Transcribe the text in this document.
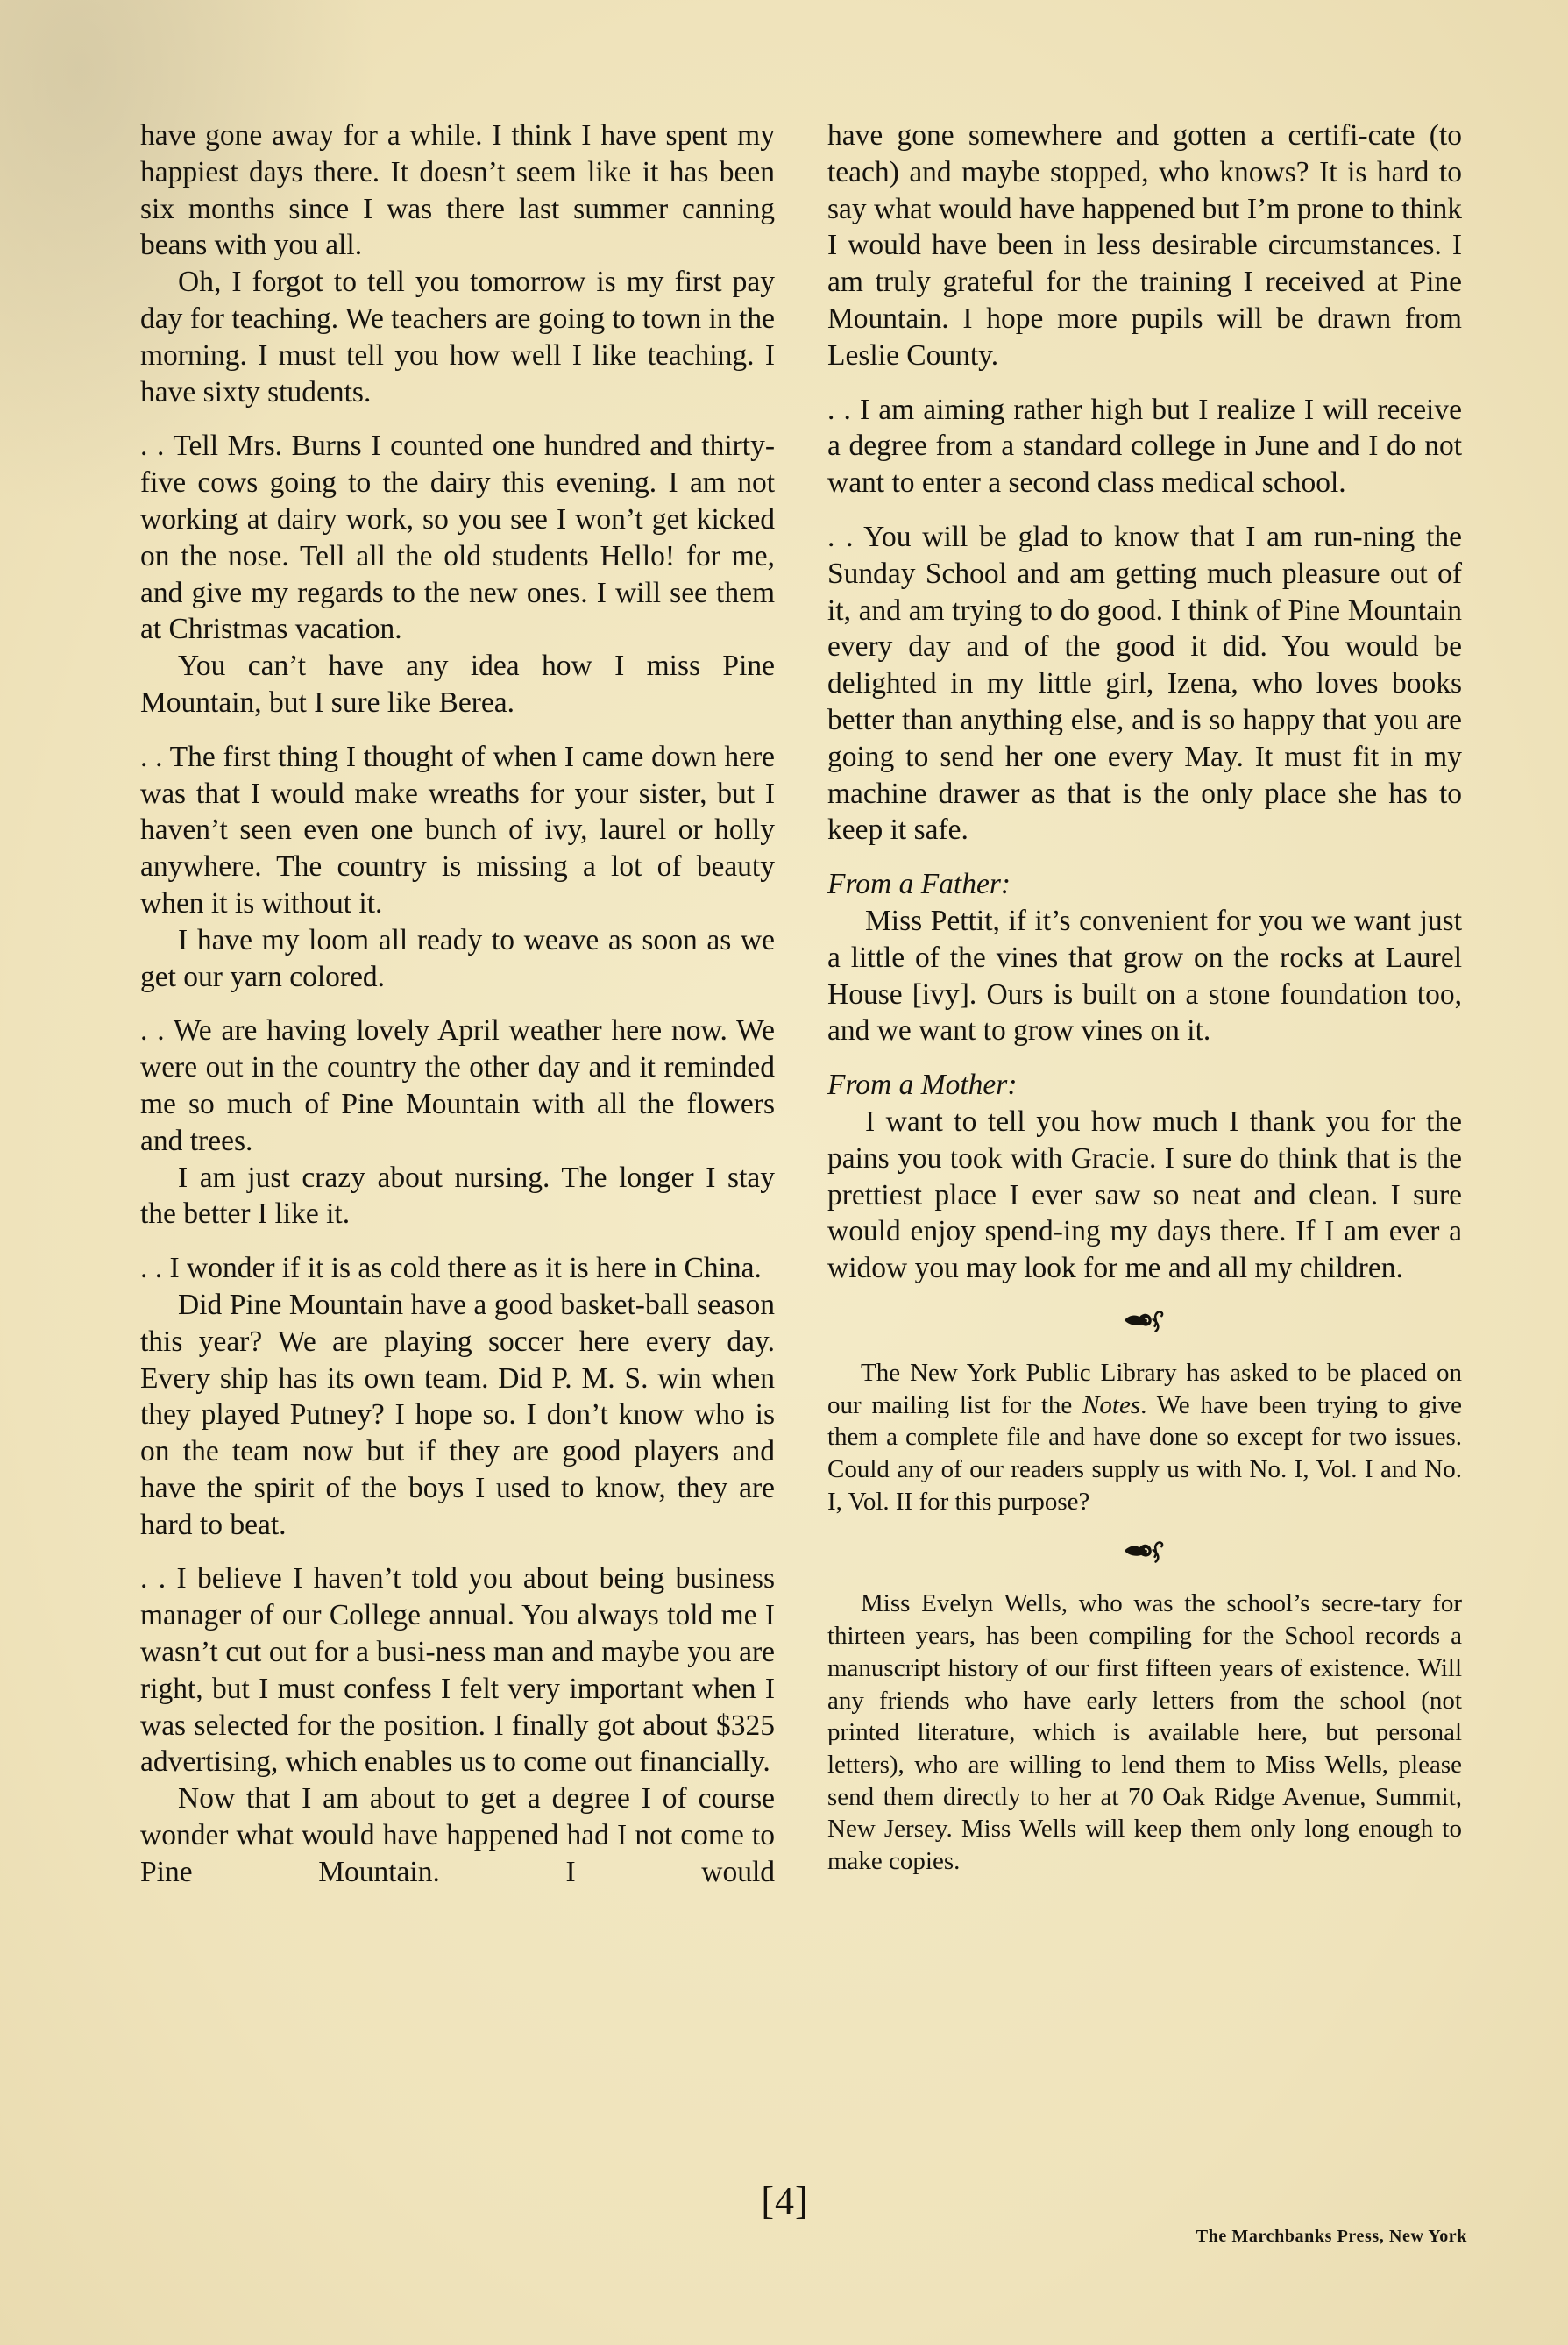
have gone away for a while. I think I have spent my happiest days there. It doesn’t seem like it has been six months since I was there last summer canning beans with you all.

Oh, I forgot to tell you tomorrow is my first pay day for teaching. We teachers are going to town in the morning. I must tell you how well I like teaching. I have sixty students.

. . Tell Mrs. Burns I counted one hundred and thirty-five cows going to the dairy this evening. I am not working at dairy work, so you see I won’t get kicked on the nose. Tell all the old students Hello! for me, and give my regards to the new ones. I will see them at Christmas vacation.

You can’t have any idea how I miss Pine Mountain, but I sure like Berea.

. . The first thing I thought of when I came down here was that I would make wreaths for your sister, but I haven’t seen even one bunch of ivy, laurel or holly anywhere. The country is missing a lot of beauty when it is without it.

I have my loom all ready to weave as soon as we get our yarn colored.

. . We are having lovely April weather here now. We were out in the country the other day and it reminded me so much of Pine Mountain with all the flowers and trees.

I am just crazy about nursing. The longer I stay the better I like it.

. . I wonder if it is as cold there as it is here in China.

Did Pine Mountain have a good basket-ball season this year? We are playing soccer here every day. Every ship has its own team. Did P. M. S. win when they played Putney? I hope so. I don’t know who is on the team now but if they are good players and have the spirit of the boys I used to know, they are hard to beat.

. . I believe I haven’t told you about being business manager of our College annual. You always told me I wasn’t cut out for a busi-ness man and maybe you are right, but I must confess I felt very important when I was selected for the position. I finally got about $325 advertising, which enables us to come out financially.

Now that I am about to get a degree I of course wonder what would have happened had I not come to Pine Mountain. I would

have gone somewhere and gotten a certifi-cate (to teach) and maybe stopped, who knows? It is hard to say what would have happened but I’m prone to think I would have been in less desirable circumstances. I am truly grateful for the training I received at Pine Mountain. I hope more pupils will be drawn from Leslie County.

. . I am aiming rather high but I realize I will receive a degree from a standard college in June and I do not want to enter a second class medical school.

. . You will be glad to know that I am run-ning the Sunday School and am getting much pleasure out of it, and am trying to do good. I think of Pine Mountain every day and of the good it did. You would be delighted in my little girl, Izena, who loves books better than anything else, and is so happy that you are going to send her one every May. It must fit in my machine drawer as that is the only place she has to keep it safe.

From a Father:

Miss Pettit, if it’s convenient for you we want just a little of the vines that grow on the rocks at Laurel House [ivy]. Ours is built on a stone foundation too, and we want to grow vines on it.

From a Mother:

I want to tell you how much I thank you for the pains you took with Gracie. I sure do think that is the prettiest place I ever saw so neat and clean. I sure would enjoy spend-ing my days there. If I am ever a widow you may look for me and all my children.

The New York Public Library has asked to be placed on our mailing list for the Notes. We have been trying to give them a complete file and have done so except for two issues. Could any of our readers supply us with No. I, Vol. I and No. I, Vol. II for this purpose?

Miss Evelyn Wells, who was the school’s secre-tary for thirteen years, has been compiling for the School records a manuscript history of our first fifteen years of existence. Will any friends who have early letters from the school (not printed literature, which is available here, but personal letters), who are willing to lend them to Miss Wells, please send them directly to her at 70 Oak Ridge Avenue, Summit, New Jersey. Miss Wells will keep them only long enough to make copies.

[4]
The Marchbanks Press, New York
